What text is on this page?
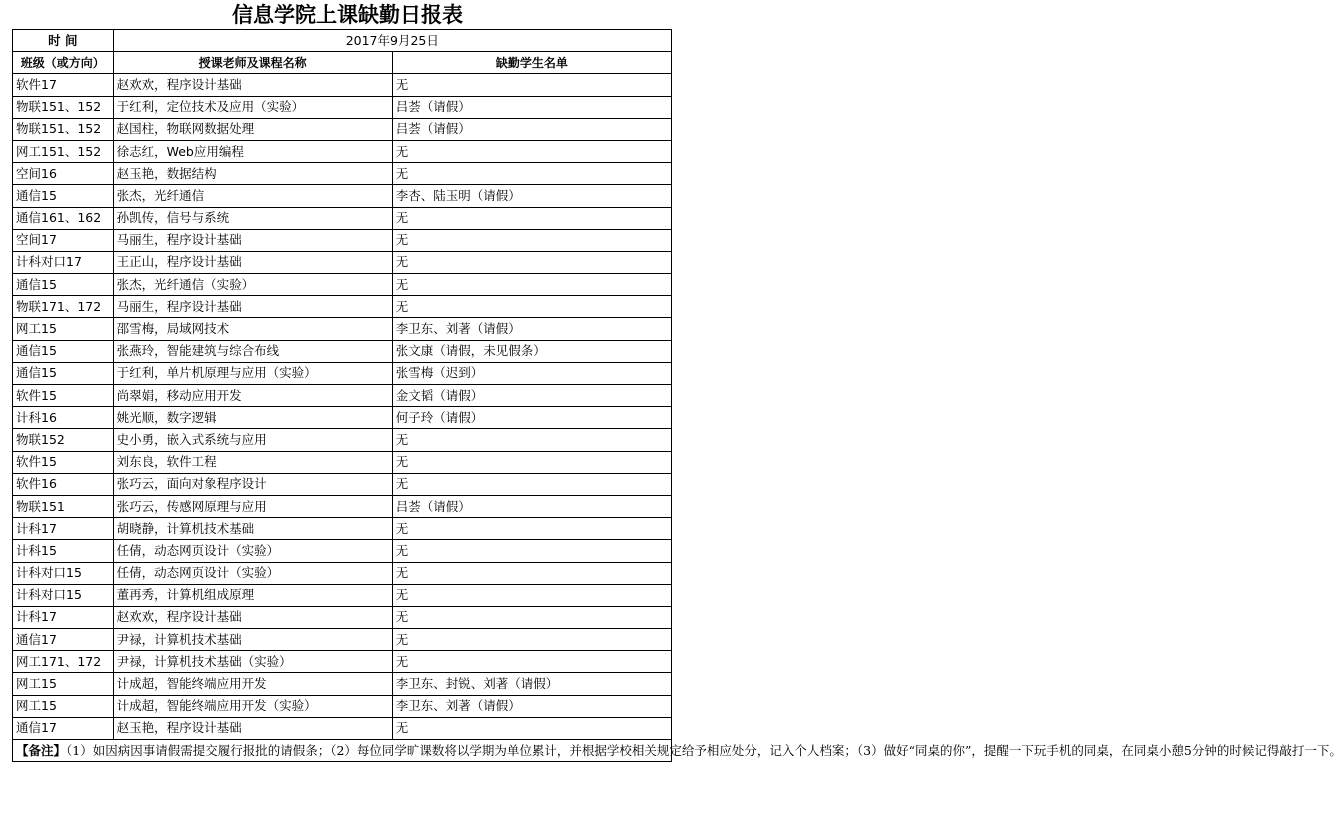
信息学院上课缺勤日报表
时 间	2017年9月25日	
班级（或方向）	授课老师及课程名称	缺勤学生名单
软件17	赵欢欢，程序设计基础	无
物联151、152	于红利，定位技术及应用（实验）	吕荟（请假）
物联151、152	赵国柱，物联网数据处理	吕荟（请假）
网工151、152	徐志红，Web应用编程	无
空间16	赵玉艳，数据结构	无
通信15	张杰，光纤通信	李杏、陆玉明（请假）
通信161、162	孙凯传，信号与系统	无
空间17	马丽生，程序设计基础	无
计科对口17	王正山，程序设计基础	无
通信15	张杰，光纤通信（实验）	无
物联171、172	马丽生，程序设计基础	无
网工15	邵雪梅，局域网技术	李卫东、刘著（请假）
通信15	张燕玲，智能建筑与综合布线	张文康（请假，未见假条）
通信15	于红利，单片机原理与应用（实验）	张雪梅（迟到）
软件15	尚翠娟，移动应用开发	金文韬（请假）
计科16	姚光顺，数字逻辑	何子玲（请假）
物联152	史小勇，嵌入式系统与应用	无
软件15	刘东良，软件工程	无
软件16	张巧云，面向对象程序设计	无
物联151	张巧云，传感网原理与应用	吕荟（请假）
计科17	胡晓静，计算机技术基础	无
计科15	任倩，动态网页设计（实验）	无
计科对口15	任倩，动态网页设计（实验）	无
计科对口15	董再秀，计算机组成原理	无
计科17	赵欢欢，程序设计基础	无
通信17	尹禄，计算机技术基础	无
网工171、172	尹禄，计算机技术基础（实验）	无
网工15	计成超，智能终端应用开发	李卫东、封锐、刘著（请假）
网工15	计成超，智能终端应用开发（实验）	李卫东、刘著（请假）
通信17	赵玉艳，程序设计基础	无
【备注】（1）如因病因事请假需提交履行报批的请假条；（2）每位同学旷课数将以学期为单位累计，并根据学校相关规定给予相应处分，记入个人档案；（3）做好“同桌的你”，提醒一下玩手机的同桌，在同桌小憩5分钟的时候记得敲打一下。		
